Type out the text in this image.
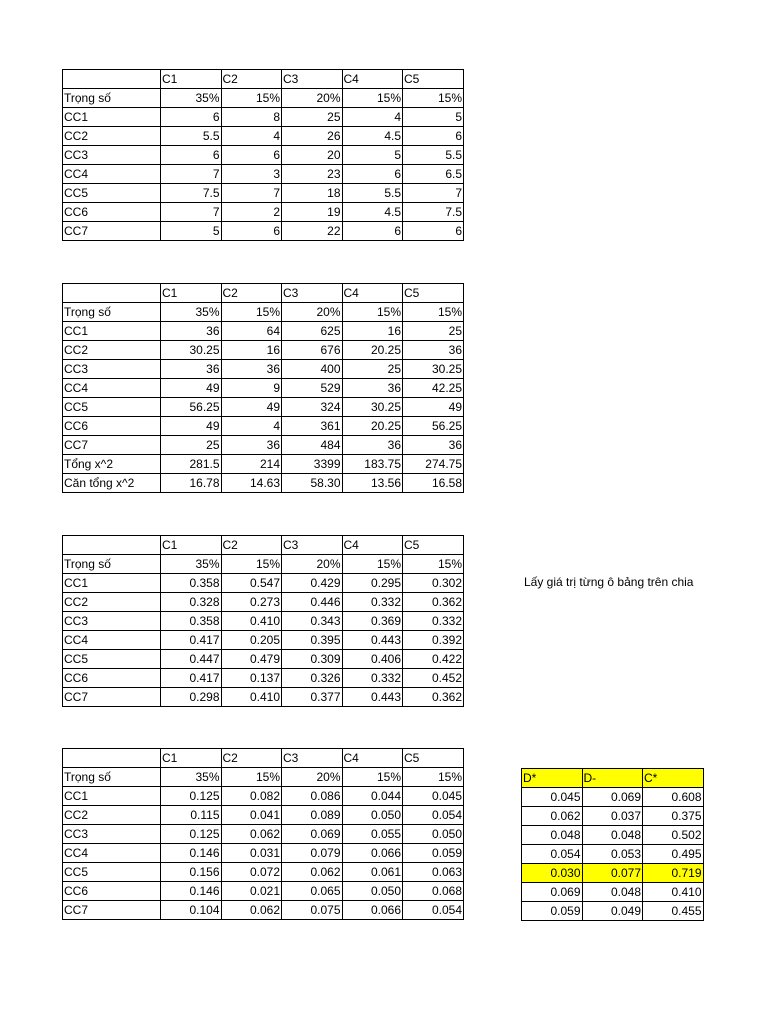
	C1	C2	C3	C4	C5
Trọng số	35%	15%	20%	15%	15%
CC1	6	8	25	4	5
CC2	5.5	4	26	4.5	6
CC3	6	6	20	5	5.5
CC4	7	3	23	6	6.5
CC5	7.5	7	18	5.5	7
CC6	7	2	19	4.5	7.5
CC7	5	6	22	6	6
	C1	C2	C3	C4	C5
Trọng số	35%	15%	20%	15%	15%
CC1	36	64	625	16	25
CC2	30.25	16	676	20.25	36
CC3	36	36	400	25	30.25
CC4	49	9	529	36	42.25
CC5	56.25	49	324	30.25	49
CC6	49	4	361	20.25	56.25
CC7	25	36	484	36	36
Tổng x^2	281.5	214	3399	183.75	274.75
Căn tổng x^2	16.78	14.63	58.30	13.56	16.58
	C1	C2	C3	C4	C5
Trọng số	35%	15%	20%	15%	15%
CC1	0.358	0.547	0.429	0.295	0.302
CC2	0.328	0.273	0.446	0.332	0.362
CC3	0.358	0.410	0.343	0.369	0.332
CC4	0.417	0.205	0.395	0.443	0.392
CC5	0.447	0.479	0.309	0.406	0.422
CC6	0.417	0.137	0.326	0.332	0.452
CC7	0.298	0.410	0.377	0.443	0.362
	C1	C2	C3	C4	C5
Trọng số	35%	15%	20%	15%	15%
CC1	0.125	0.082	0.086	0.044	0.045
CC2	0.115	0.041	0.089	0.050	0.054
CC3	0.125	0.062	0.069	0.055	0.050
CC4	0.146	0.031	0.079	0.066	0.059
CC5	0.156	0.072	0.062	0.061	0.063
CC6	0.146	0.021	0.065	0.050	0.068
CC7	0.104	0.062	0.075	0.066	0.054
D*	D-	C*
0.045	0.069	0.608
0.062	0.037	0.375
0.048	0.048	0.502
0.054	0.053	0.495
0.030	0.077	0.719
0.069	0.048	0.410
0.059	0.049	0.455
Lấy giá trị từng ô bảng trên chia
